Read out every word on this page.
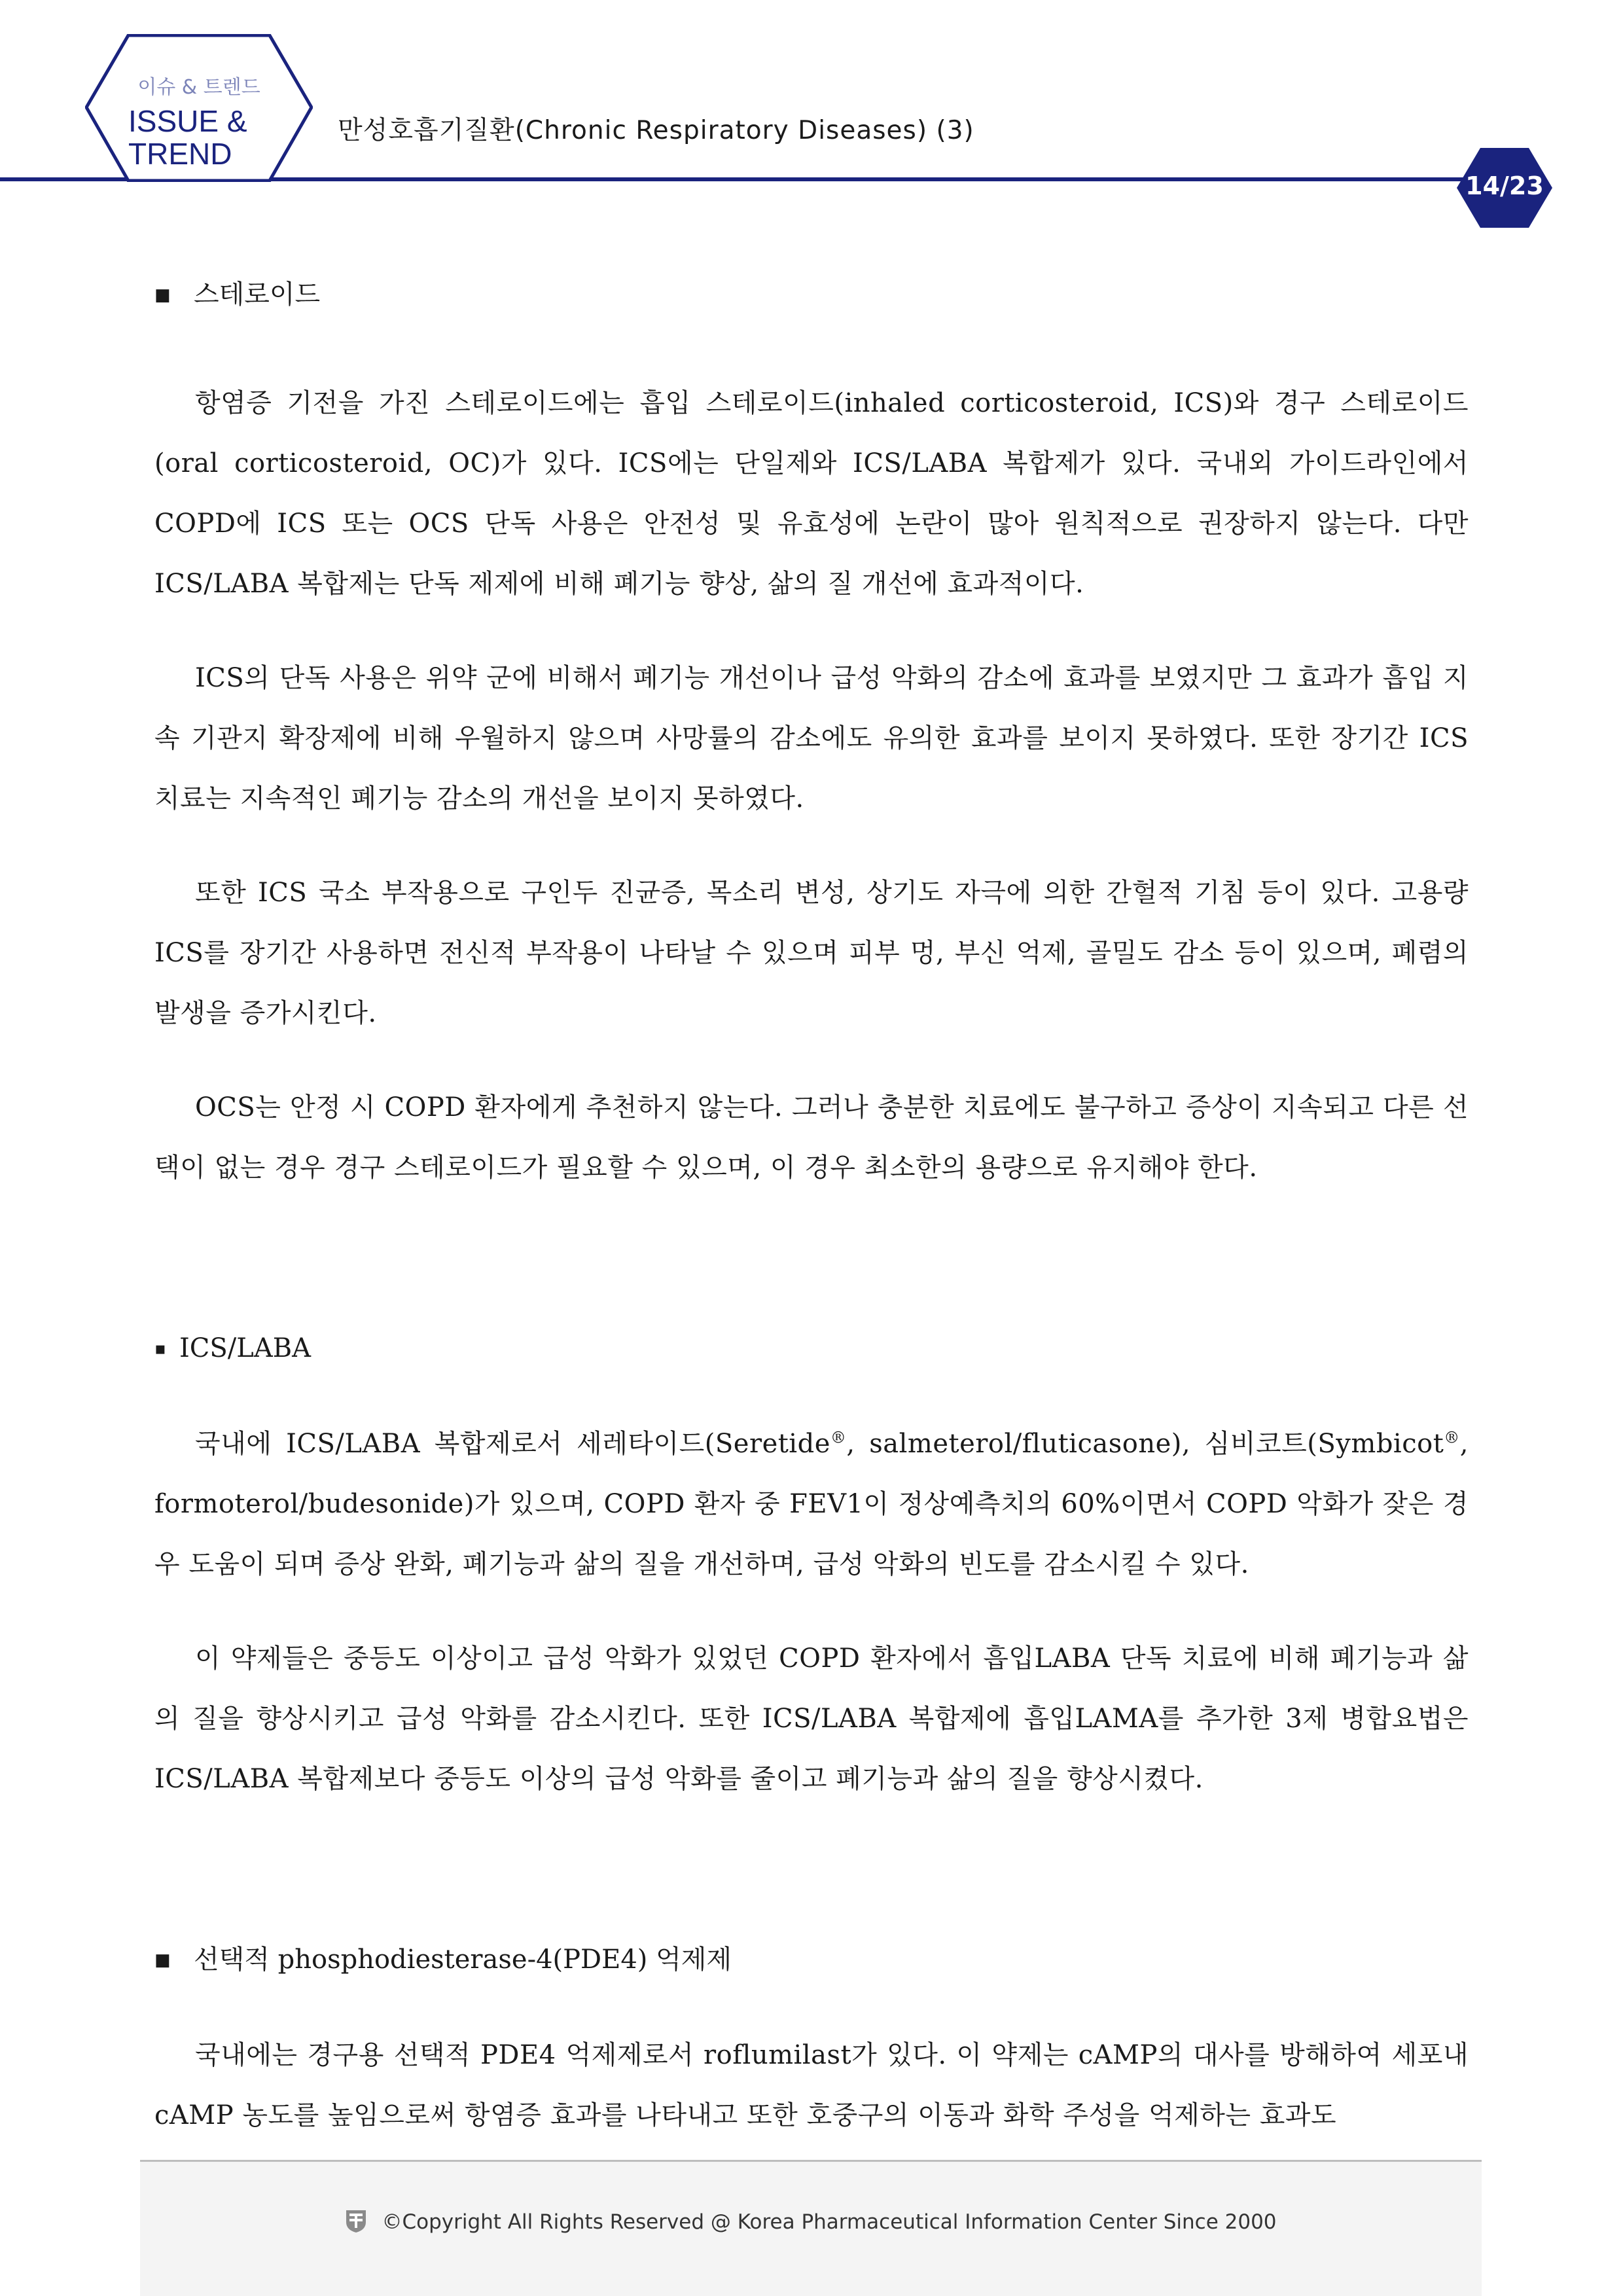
이슈 & 트렌드
ISSUE &
TREND
만성호흡기질환(Chronic Respiratory Diseases) (3)
14/23
■ 스테로이드

항염증 기전을 가진 스테로이드에는 흡입 스테로이드(inhaled corticosteroid, ICS)와 경구 스테로이드(oral corticosteroid, OC)가 있다. ICS에는 단일제와 ICS/LABA 복합제가 있다. 국내외 가이드라인에서 COPD에 ICS 또는 OCS 단독 사용은 안전성 및 유효성에 논란이 많아 원칙적으로 권장하지 않는다. 다만 ICS/LABA 복합제는 단독 제제에 비해 폐기능 향상, 삶의 질 개선에 효과적이다.

ICS의 단독 사용은 위약 군에 비해서 폐기능 개선이나 급성 악화의 감소에 효과를 보였지만 그 효과가 흡입 지속 기관지 확장제에 비해 우월하지 않으며 사망률의 감소에도 유의한 효과를 보이지 못하였다. 또한 장기간 ICS 치료는 지속적인 폐기능 감소의 개선을 보이지 못하였다.

또한 ICS 국소 부작용으로 구인두 진균증, 목소리 변성, 상기도 자극에 의한 간헐적 기침 등이 있다. 고용량 ICS를 장기간 사용하면 전신적 부작용이 나타날 수 있으며 피부 멍, 부신 억제, 골밀도 감소 등이 있으며, 폐렴의 발생을 증가시킨다.

OCS는 안정 시 COPD 환자에게 추천하지 않는다. 그러나 충분한 치료에도 불구하고 증상이 지속되고 다른 선택이 없는 경우 경구 스테로이드가 필요할 수 있으며, 이 경우 최소한의 용량으로 유지해야 한다.

▪ ICS/LABA

국내에 ICS/LABA 복합제로서 세레타이드(Seretide®, salmeterol/fluticasone), 심비코트(Symbicot®, formoterol/budesonide)가 있으며, COPD 환자 중 FEV1이 정상예측치의 60%이면서 COPD 악화가 잦은 경우 도움이 되며 증상 완화, 폐기능과 삶의 질을 개선하며, 급성 악화의 빈도를 감소시킬 수 있다.

이 약제들은 중등도 이상이고 급성 악화가 있었던 COPD 환자에서 흡입LABA 단독 치료에 비해 폐기능과 삶의 질을 향상시키고 급성 악화를 감소시킨다. 또한 ICS/LABA 복합제에 흡입LAMA를 추가한 3제 병합요법은 ICS/LABA 복합제보다 중등도 이상의 급성 악화를 줄이고 폐기능과 삶의 질을 향상시켰다.

■ 선택적 phosphodiesterase-4(PDE4) 억제제

국내에는 경구용 선택적 PDE4 억제제로서 roflumilast가 있다. 이 약제는 cAMP의 대사를 방해하여 세포내 cAMP 농도를 높임으로써 항염증 효과를 나타내고 또한 호중구의 이동과 화학 주성을 억제하는 효과도

©Copyright All Rights Reserved @ Korea Pharmaceutical Information Center Since 2000
